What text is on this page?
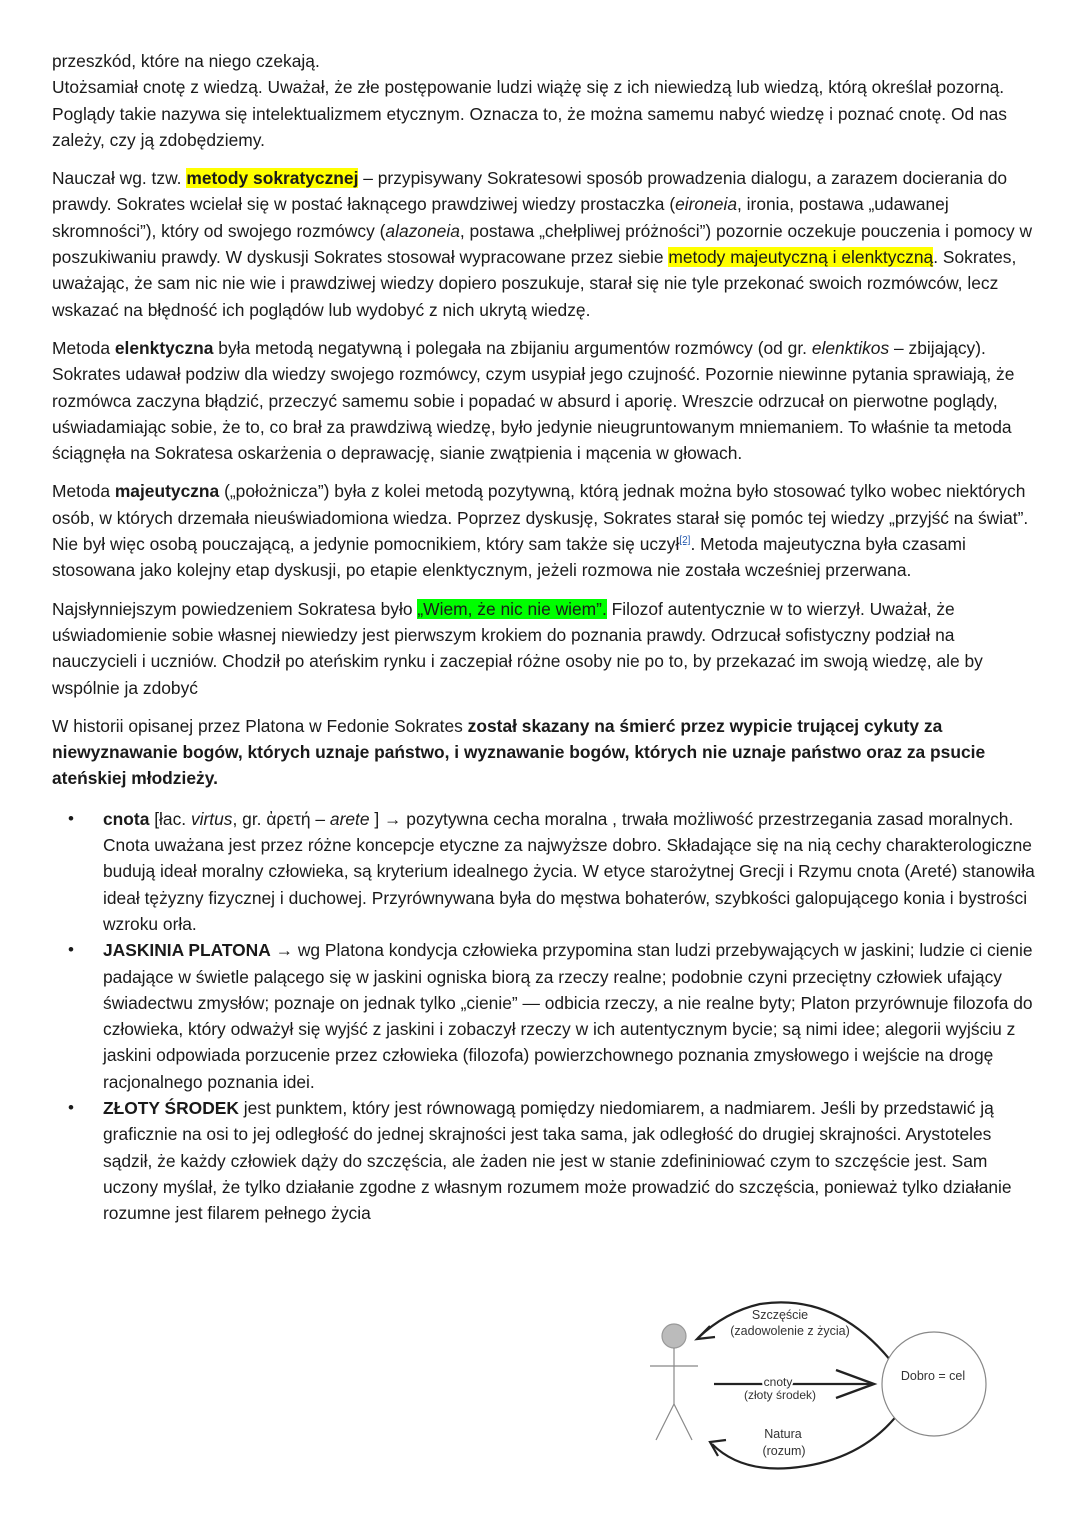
przeszkód, które na niego czekają.
Utożsamiał cnotę z wiedzą. Uważał, że złe postępowanie ludzi wiążę się z ich niewiedzą lub wiedzą, którą określał pozorną. Poglądy takie nazywa się intelektualizmem etycznym. Oznacza to, że można samemu nabyć wiedzę i poznać cnotę. Od nas zależy, czy ją zdobędziemy.

Nauczał wg. tzw. metody sokratycznej – przypisywany Sokratesowi sposób prowadzenia dialogu, a zarazem docierania do prawdy. Sokrates wcielał się w postać łaknącego prawdziwej wiedzy prostaczka (eironeia, ironia, postawa „udawanej skromności”), który od swojego rozmówcy (alazoneia, postawa „chełpliwej próżności”) pozornie oczekuje pouczenia i pomocy w poszukiwaniu prawdy. W dyskusji Sokrates stosował wypracowane przez siebie metody majeutyczną i elenktyczną. Sokrates, uważając, że sam nic nie wie i prawdziwej wiedzy dopiero poszukuje, starał się nie tyle przekonać swoich rozmówców, lecz wskazać na błędność ich poglądów lub wydobyć z nich ukrytą wiedzę.

Metoda elenktyczna była metodą negatywną i polegała na zbijaniu argumentów rozmówcy (od gr. elenktikos – zbijający). Sokrates udawał podziw dla wiedzy swojego rozmówcy, czym usypiał jego czujność. Pozornie niewinne pytania sprawiają, że rozmówca zaczyna błądzić, przeczyć samemu sobie i popadać w absurd i aporię. Wreszcie odrzucał on pierwotne poglądy, uświadamiając sobie, że to, co brał za prawdziwą wiedzę, było jedynie nieugruntowanym mniemaniem. To właśnie ta metoda ściągnęła na Sokratesa oskarżenia o deprawację, sianie zwątpienia i mącenia w głowach.

Metoda majeutyczna („położnicza”) była z kolei metodą pozytywną, którą jednak można było stosować tylko wobec niektórych osób, w których drzemała nieuświadomiona wiedza. Poprzez dyskusję, Sokrates starał się pomóc tej wiedzy „przyjść na świat”. Nie był więc osobą pouczającą, a jedynie pomocnikiem, który sam także się uczył[2]. Metoda majeutyczna była czasami stosowana jako kolejny etap dyskusji, po etapie elenktycznym, jeżeli rozmowa nie została wcześniej przerwana.

Najsłynniejszym powiedzeniem Sokratesa było „Wiem, że nic nie wiem”. Filozof autentycznie w to wierzył. Uważał, że uświadomienie sobie własnej niewiedzy jest pierwszym krokiem do poznania prawdy. Odrzucał sofistyczny podział na nauczycieli i uczniów. Chodził po ateńskim rynku i zaczepiał różne osoby nie po to, by przekazać im swoją wiedzę, ale by wspólnie ja zdobyć

W historii opisanej przez Platona w Fedonie Sokrates został skazany na śmierć przez wypicie trującej cykuty za niewyznawanie bogów, których uznaje państwo, i wyznawanie bogów, których nie uznaje państwo oraz za psucie ateńskiej młodzieży.

• cnota [łac. virtus, gr. ἀρετή – arete ] → pozytywna cecha moralna , trwała możliwość przestrzegania zasad moralnych. Cnota uważana jest przez różne koncepcje etyczne za najwyższe dobro. Składające się na nią cechy charakterologiczne budują ideał moralny człowieka, są kryterium idealnego życia. W etyce starożytnej Grecji i Rzymu cnota (Areté) stanowiła ideał tężyzny fizycznej i duchowej. Przyrównywana była do męstwa bohaterów, szybkości galopującego konia i bystrości wzroku orła.
• JASKINIA PLATONA → wg Platona kondycja człowieka przypomina stan ludzi przebywających w jaskini; ludzie ci cienie padające w świetle palącego się w jaskini ogniska biorą za rzeczy realne; podobnie czyni przeciętny człowiek ufający świadectwu zmysłów; poznaje on jednak tylko „cienie” — odbicia rzeczy, a nie realne byty; Platon przyrównuje filozofa do człowieka, który odważył się wyjść z jaskini i zobaczył rzeczy w ich autentycznym bycie; są nimi idee; alegorii wyjściu z jaskini odpowiada porzucenie przez człowieka (filozofa) powierzchownego poznania zmysłowego i wejście na drogę racjonalnego poznania idei.
• ZŁOTY ŚRODEK jest punktem, który jest równowagą pomiędzy niedomiarem, a nadmiarem. Jeśli by przedstawić ją graficznie na osi to jej odległość do jednej skrajności jest taka sama, jak odległość do drugiej skrajności. Arystoteles sądził, że każdy człowiek dąży do szczęścia, ale żaden nie jest w stanie zdefininiować czym to szczęście jest. Sam uczony myślał, że tylko działanie zgodne z własnym rozumem może prowadzić do szczęścia, ponieważ tylko działanie rozumne jest filarem pełnego życia
Szczęście
(zadowolenie z życia)
cnoty
(złoty środek)
Natura
(rozum)
Dobro = cel
